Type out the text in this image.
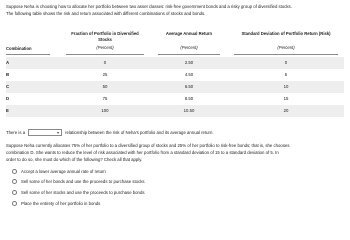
Suppose Neha is choosing how to allocate her portfolio between two asset classes: risk-free government bonds and a risky group of diversified stocks.

The following table shows the risk and return associated with different combinations of stocks and bonds.

Combination
Fraction of Portfolio in Diversified Stocks
(Percent)
Average Annual Return
(Percent)
Standard Deviation of Portfolio Return (Risk)
(Percent)
A	0	2.50	0
B	25	4.50	5
C	50	6.50	10
D	75	8.50	15
E	100	10.50	20
There is a	relationship between the risk of Neha's portfolio and its average annual return.

Suppose Neha currently allocates 75% of her portfolio to a diversified group of stocks and 25% of her portfolio to risk-free bonds; that is, she chooses

combination D. She wants to reduce the level of risk associated with her portfolio from a standard deviation of 15 to a standard deviation of 5. In

order to do so, she must do which of the following? Check all that apply.

Accept a lower average annual rate of return
Sell some of her bonds and use the proceeds to purchase stocks
Sell some of her stocks and use the proceeds to purchase bonds
Place the entirety of her portfolio in bonds
